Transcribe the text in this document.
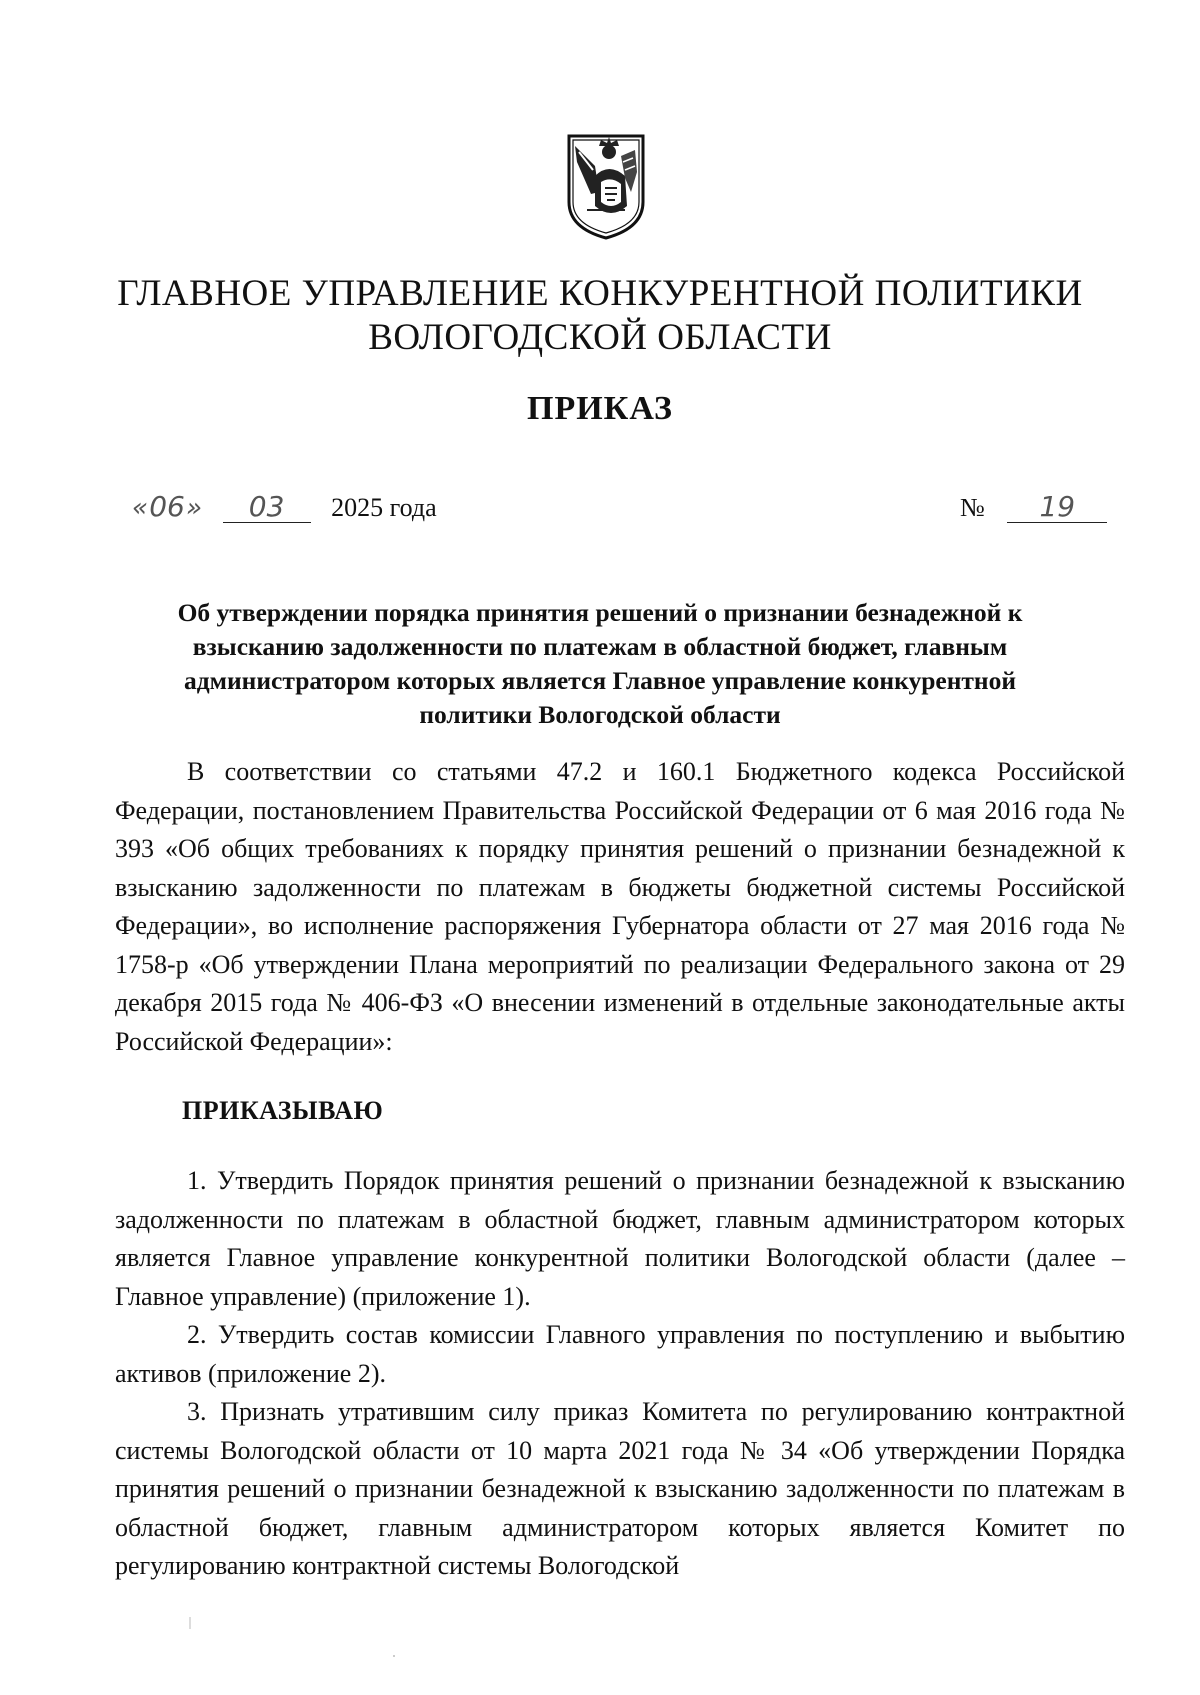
ГЛАВНОЕ УПРАВЛЕНИЕ КОНКУРЕНТНОЙ ПОЛИТИКИ
ВОЛОГОДСКОЙ ОБЛАСТИ
ПРИКАЗ
«06» 03 2025 года	№ 19
Об утверждении порядка принятия решений о признании безнадежной к
взысканию задолженности по платежам в областной бюджет, главным
администратором которых является Главное управление конкурентной
политики Вологодской области

В соответствии со статьями 47.2 и 160.1 Бюджетного кодекса Российской Федерации, постановлением Правительства Российской Федерации от 6 мая 2016 года № 393 «Об общих требованиях к порядку принятия решений о признании безнадежной к взысканию задолженности по платежам в бюджеты бюджетной системы Российской Федерации», во исполнение распоряжения Губернатора области от 27 мая 2016 года № 1758-р «Об утверждении Плана мероприятий по реализации Федерального закона от 29 декабря 2015 года № 406-ФЗ «О внесении изменений в отдельные законодательные акты Российской Федерации»:

ПРИКАЗЫВАЮ

1. Утвердить Порядок принятия решений о признании безнадежной к взысканию задолженности по платежам в областной бюджет, главным администратором которых является Главное управление конкурентной политики Вологодской области (далее – Главное управление) (приложение 1).

2. Утвердить состав комиссии Главного управления по поступлению и выбытию активов (приложение 2).

3. Признать утратившим силу приказ Комитета по регулированию контрактной системы Вологодской области от 10 марта 2021 года № 34 «Об утверждении Порядка принятия решений о признании безнадежной к взысканию задолженности по платежам в областной бюджет, главным администратором которых является Комитет по регулированию контрактной системы Вологодской
